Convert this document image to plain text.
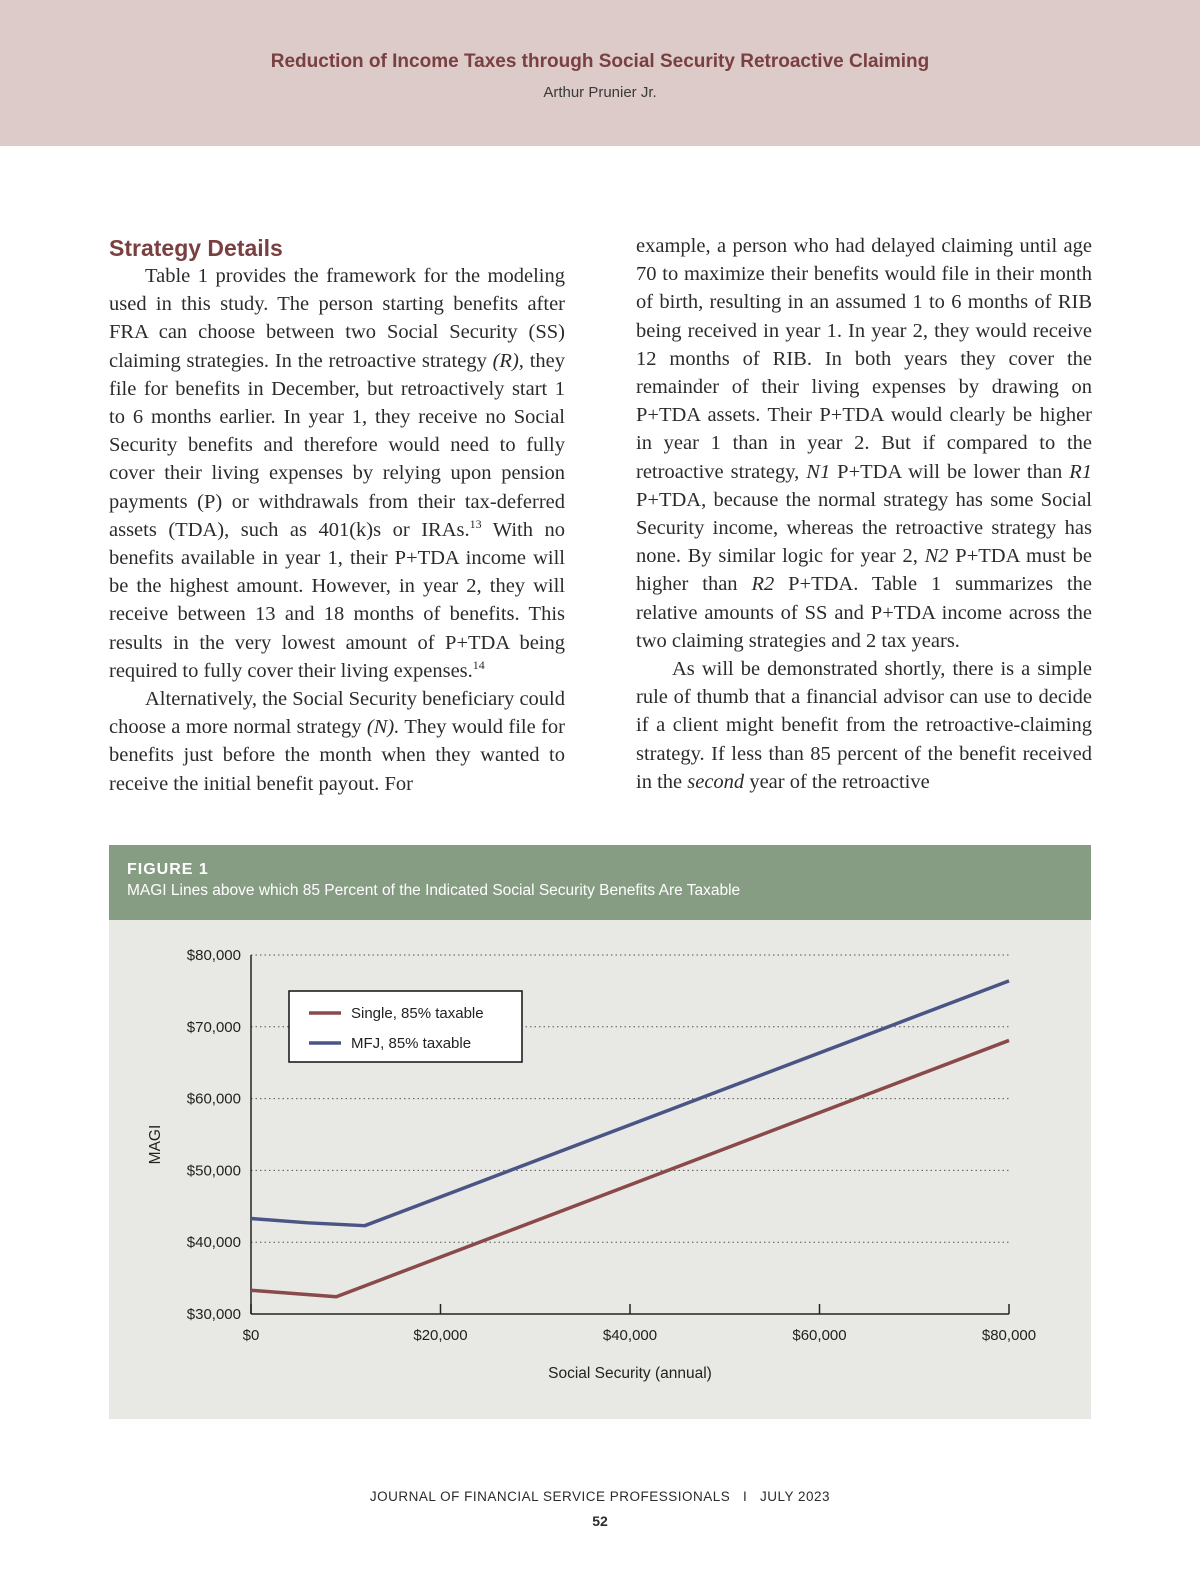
Reduction of Income Taxes through Social Security Retroactive Claiming
Arthur Prunier Jr.
Strategy Details

Table 1 provides the framework for the modeling used in this study. The person starting benefits after FRA can choose between two Social Security (SS) claiming strategies. In the retroactive strategy (R), they file for benefits in December, but retroactively start 1 to 6 months earlier. In year 1, they receive no Social Security benefits and therefore would need to fully cover their living expenses by relying upon pension payments (P) or withdrawals from their tax-deferred assets (TDA), such as 401(k)s or IRAs.$^{13}$ With no benefits available in year 1, their P+TDA income will be the highest amount. However, in year 2, they will receive between 13 and 18 months of benefits. This results in the very lowest amount of P+TDA being required to fully cover their living expenses.$^{14}$

Alternatively, the Social Security beneficiary could choose a more normal strategy (N). They would file for benefits just before the month when they wanted to receive the initial benefit payout. For

example, a person who had delayed claiming until age 70 to maximize their benefits would file in their month of birth, resulting in an assumed 1 to 6 months of RIB being received in year 1. In year 2, they would receive 12 months of RIB. In both years they cover the remainder of their living expenses by drawing on P+TDA assets. Their P+TDA would clearly be higher in year 1 than in year 2. But if compared to the retroactive strategy, N1 P+TDA will be lower than R1 P+TDA, because the normal strategy has some Social Security income, whereas the retroactive strategy has none. By similar logic for year 2, N2 P+TDA must be higher than R2 P+TDA. Table 1 summarizes the relative amounts of SS and P+TDA income across the two claiming strategies and 2 tax years.

As will be demonstrated shortly, there is a simple rule of thumb that a financial advisor can use to decide if a client might benefit from the retroactive-claiming strategy. If less than 85 percent of the benefit received in the second year of the retroactive

FIGURE 1
MAGI Lines above which 85 Percent of the Indicated Social Security Benefits Are Taxable
$30,000
$40,000
$50,000
$60,000
$70,000
$80,000
$0	$20,000	$40,000	$60,000	$80,000
Social Security (annual)
MAGI
Single, 85% taxable
MFJ, 85% taxable
JOURNAL OF FINANCIAL SERVICE PROFESSIONALS   I   JULY 2023
52
